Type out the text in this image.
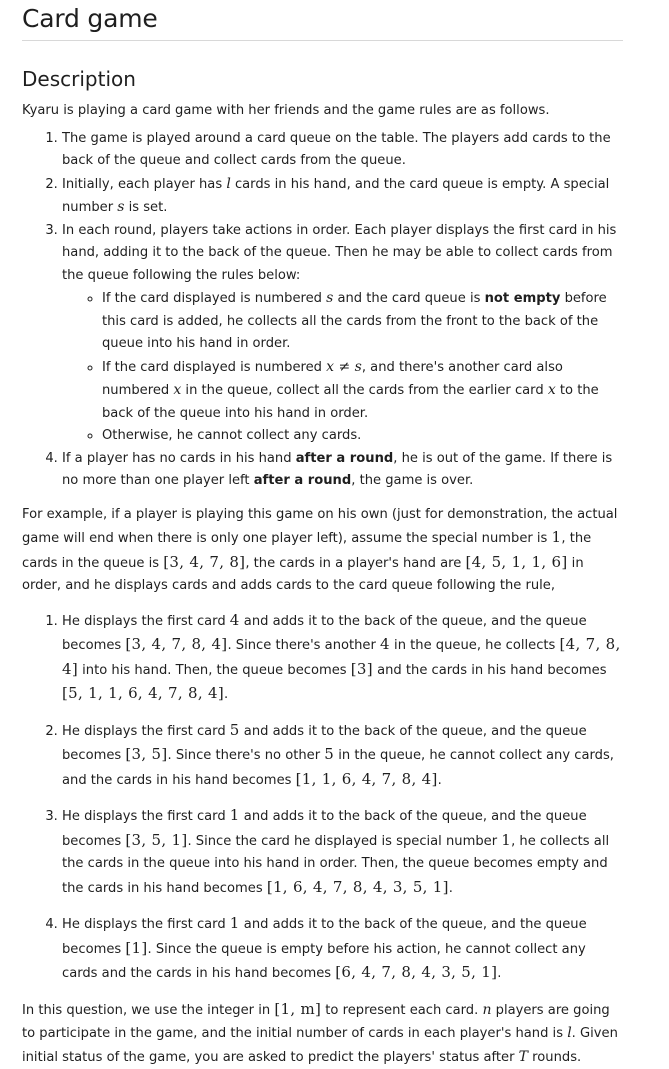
Card game
Description

Kyaru is playing a card game with her friends and the game rules are as follows.

1. The game is played around a card queue on the table. The players add cards to the back of the queue and collect cards from the queue.
2. Initially, each player has l cards in his hand, and the card queue is empty. A special number s is set.
3. In each round, players take actions in order. Each player displays the first card in his hand, adding it to the back of the queue. Then he may be able to collect cards from the queue following the rules below:
◦ If the card displayed is numbered s and the card queue is not empty before this card is added, he collects all the cards from the front to the back of the queue into his hand in order.
◦ If the card displayed is numbered x ≠ s, and there's another card also numbered x in the queue, collect all the cards from the earlier card x to the back of the queue into his hand in order.
◦ Otherwise, he cannot collect any cards.
4. If a player has no cards in his hand after a round, he is out of the game. If there is no more than one player left after a round, the game is over.

For example, if a player is playing this game on his own (just for demonstration, the actual game will end when there is only one player left), assume the special number is 1, the cards in the queue is [3, 4, 7, 8], the cards in a player's hand are [4, 5, 1, 1, 6] in order, and he displays cards and adds cards to the card queue following the rule,

1. He displays the first card 4 and adds it to the back of the queue, and the queue becomes [3, 4, 7, 8, 4]. Since there's another 4 in the queue, he collects [4, 7, 8, 4] into his hand. Then, the queue becomes [3] and the cards in his hand becomes [5, 1, 1, 6, 4, 7, 8, 4].
2. He displays the first card 5 and adds it to the back of the queue, and the queue becomes [3, 5]. Since there's no other 5 in the queue, he cannot collect any cards, and the cards in his hand becomes [1, 1, 6, 4, 7, 8, 4].
3. He displays the first card 1 and adds it to the back of the queue, and the queue becomes [3, 5, 1]. Since the card he displayed is special number 1, he collects all the cards in the queue into his hand in order. Then, the queue becomes empty and the cards in his hand becomes [1, 6, 4, 7, 8, 4, 3, 5, 1].
4. He displays the first card 1 and adds it to the back of the queue, and the queue becomes [1]. Since the queue is empty before his action, he cannot collect any cards and the cards in his hand becomes [6, 4, 7, 8, 4, 3, 5, 1].

In this question, we use the integer in [1, m] to represent each card. n players are going to participate in the game, and the initial number of cards in each player's hand is l. Given initial status of the game, you are asked to predict the players' status after T rounds.
